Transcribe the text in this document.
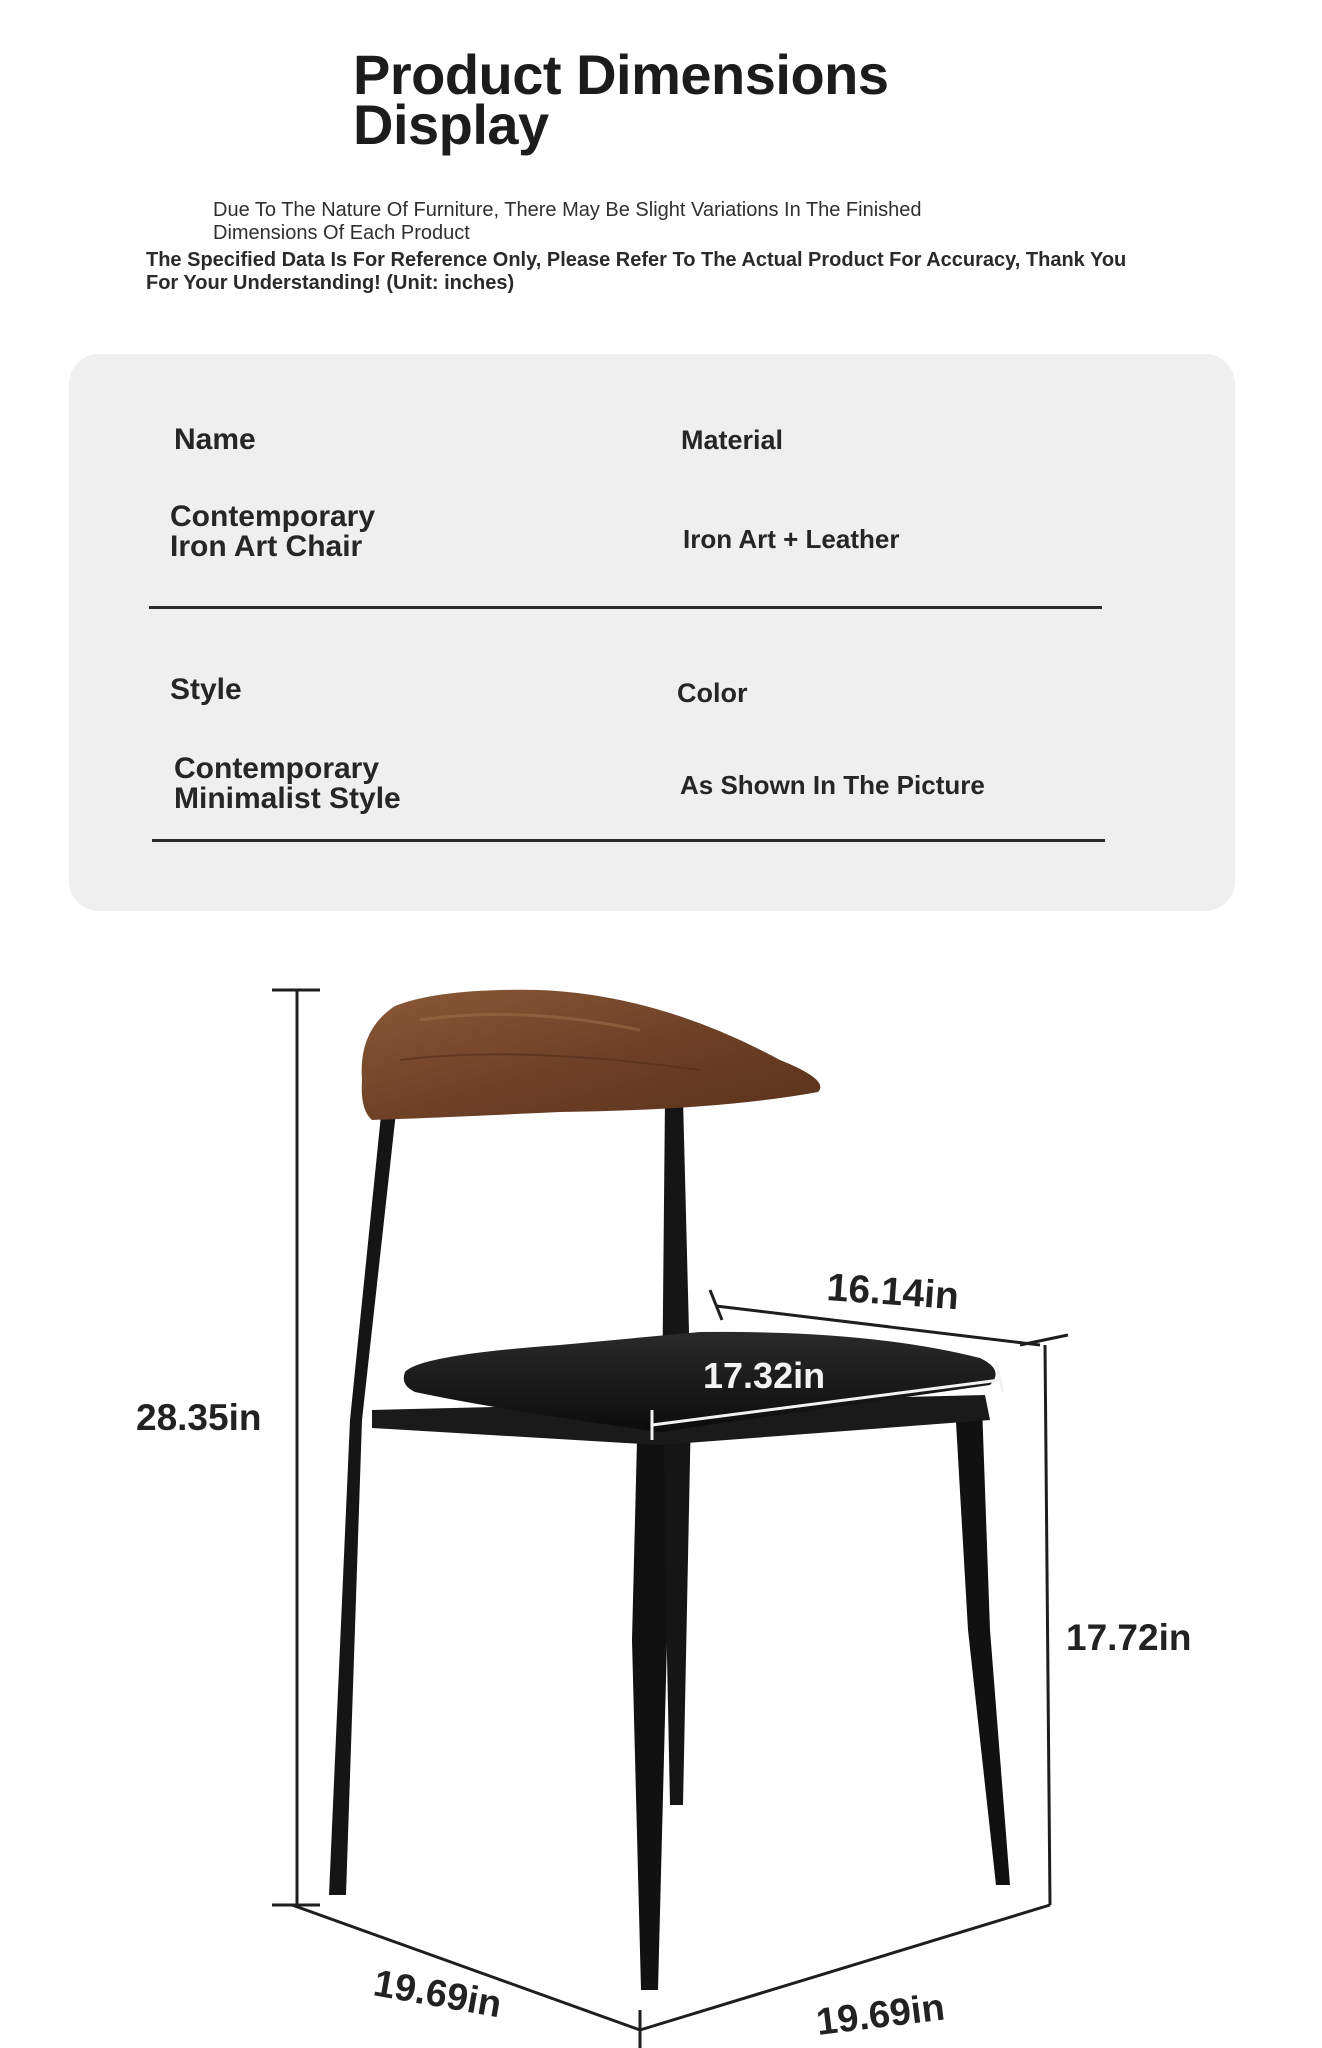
Product Dimensions
Display
Due To The Nature Of Furniture, There May Be Slight Variations In The Finished
Dimensions Of Each Product
The Specified Data Is For Reference Only, Please Refer To The Actual Product For Accuracy, Thank You
For Your Understanding! (Unit: inches)
Name	Material
Contemporary
Iron Art Chair	Iron Art + Leather
Style	Color
Contemporary
Minimalist Style	As Shown In The Picture
28.35in
16.14in
17.32in
17.72in
19.69in	19.69in
